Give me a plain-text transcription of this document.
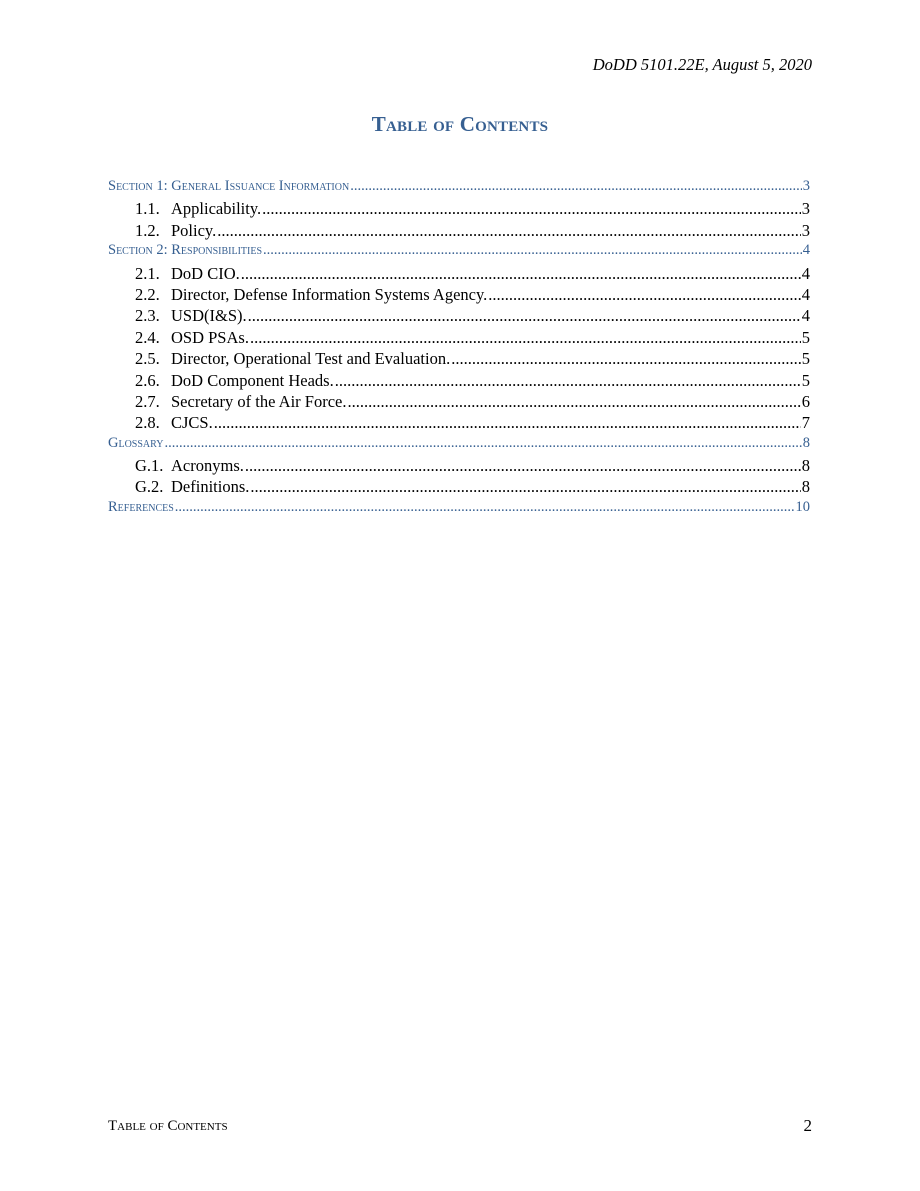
DoDD 5101.22E, August 5, 2020
Table of Contents
Section 1: General Issuance Information .....	3
1.1. Applicability. .....	3
1.2. Policy. .....	3
Section 2: Responsibilities .....	4
2.1. DoD CIO. .....	4
2.2. Director, Defense Information Systems Agency. .....	4
2.3. USD(I&S). .....	4
2.4. OSD PSAs. .....	5
2.5. Director, Operational Test and Evaluation. .....	5
2.6. DoD Component Heads. .....	5
2.7. Secretary of the Air Force. .....	6
2.8. CJCS. .....	7
Glossary .....	8
G.1. Acronyms. .....	8
G.2. Definitions. .....	8
References .....	10
Table of Contents	2
